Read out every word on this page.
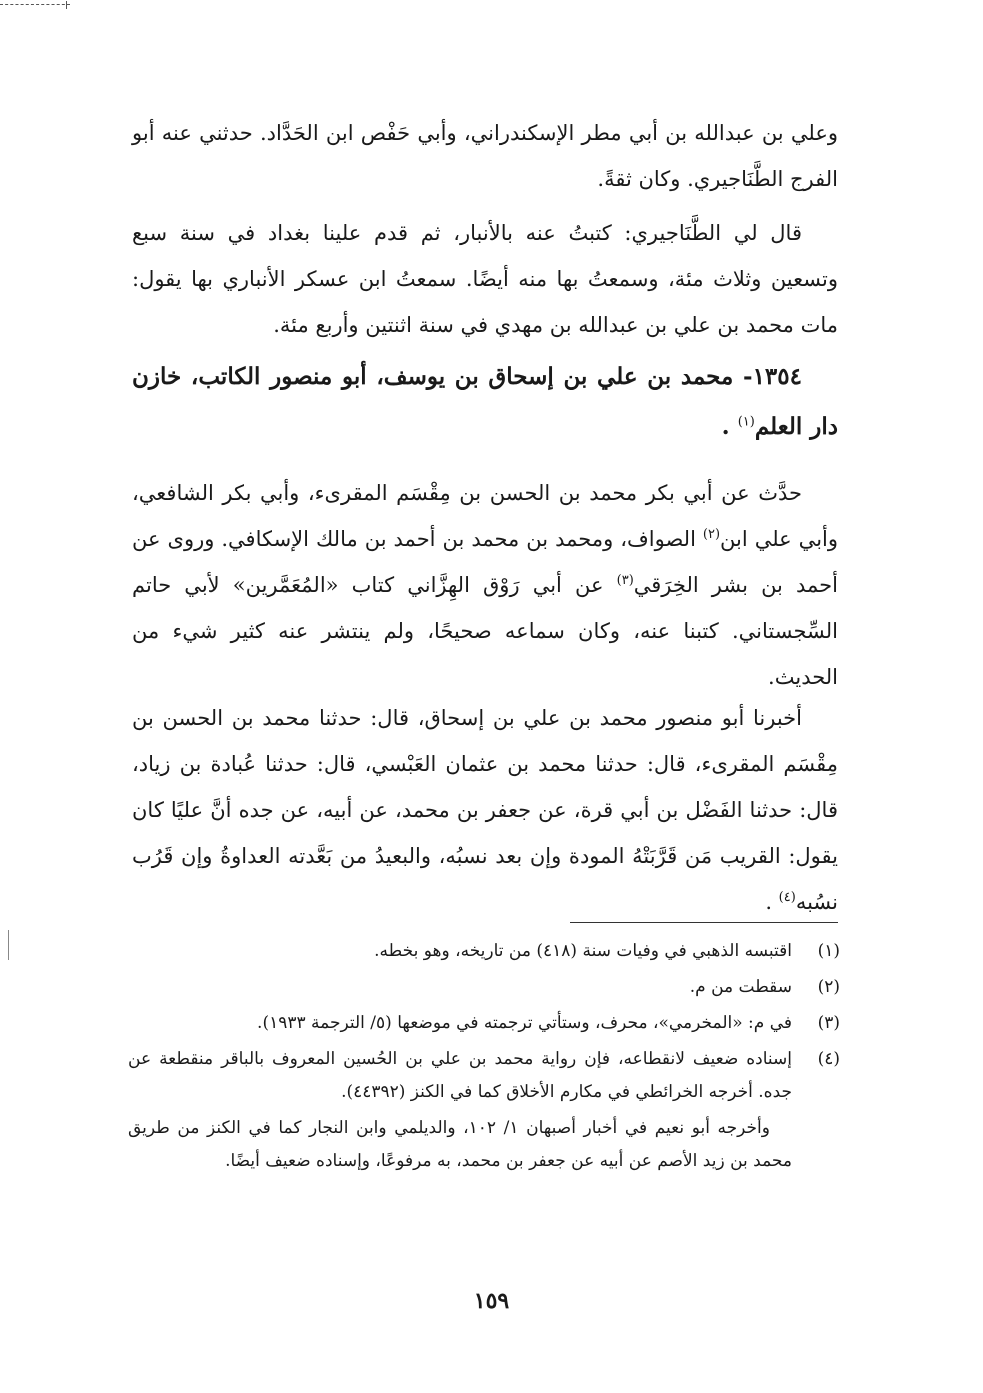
وعلي بن عبدالله بن أبي مطر الإسكندراني، وأبي حَفْص ابن الحَدَّاد. حدثني عنه أبو الفرج الطَّنَاجيري. وكان ثقةً.

قال لي الطَّنَاجيري: كتبتُ عنه بالأنبار، ثم قدم علينا بغداد في سنة سبع وتسعين وثلاث مئة، وسمعتُ بها منه أيضًا. سمعتُ ابن عسكر الأنباري بها يقول: مات محمد بن علي بن عبدالله بن مهدي في سنة اثنتين وأربع مئة.

١٣٥٤- محمد بن علي بن إسحاق بن يوسف، أبو منصور الكاتب، خازن دار العلم$^{(١)}$ .

حدَّث عن أبي بكر محمد بن الحسن بن مِقْسَم المقرىء، وأبي بكر الشافعي، وأبي علي ابن$^{(٢)}$ الصواف، ومحمد بن محمد بن أحمد بن مالك الإسكافي. وروى عن أحمد بن بشر الخِرَقي$^{(٣)}$ عن أبي رَوْق الهِزَّاني كتاب «المُعَمَّرين» لأبي حاتم السِّجستاني. كتبنا عنه، وكان سماعه صحيحًا، ولم ينتشر عنه كثير شيء من الحديث.

أخبرنا أبو منصور محمد بن علي بن إسحاق، قال: حدثنا محمد بن الحسن بن مِقْسَم المقرىء، قال: حدثنا محمد بن عثمان العَبْسي، قال: حدثنا عُبادة بن زياد، قال: حدثنا الفَضْل بن أبي قرة، عن جعفر بن محمد، عن أبيه، عن جده أنَّ عليًا كان يقول: القريب مَن قَرَّبَتْهُ المودة وإن بعد نسبُه، والبعيدُ من بَعَّدته العداوةُ وإن قَرُب نسُبه$^{(٤)}$ .

(١)
اقتبسه الذهبي في وفيات سنة (٤١٨) من تاريخه، وهو بخطه.
(٢)
سقطت من م.
(٣)
في م: «المخرمي»، محرف، وستأتي ترجمته في موضعها (٥/ الترجمة ١٩٣٣).
(٤)
إسناده ضعيف لانقطاعه، فإن رواية محمد بن علي بن الحُسين المعروف بالباقر منقطعة عن جده. أخرجه الخرائطي في مكارم الأخلاق كما في الكنز (٤٤٣٩٢).
وأخرجه أبو نعيم في أخبار أصبهان ١/ ١٠٢، والديلمي وابن النجار كما في الكنز من طريق محمد بن زيد الأصم عن أبيه عن جعفر بن محمد، به مرفوعًا، وإسناده ضعيف أيضًا.
١٥٩
